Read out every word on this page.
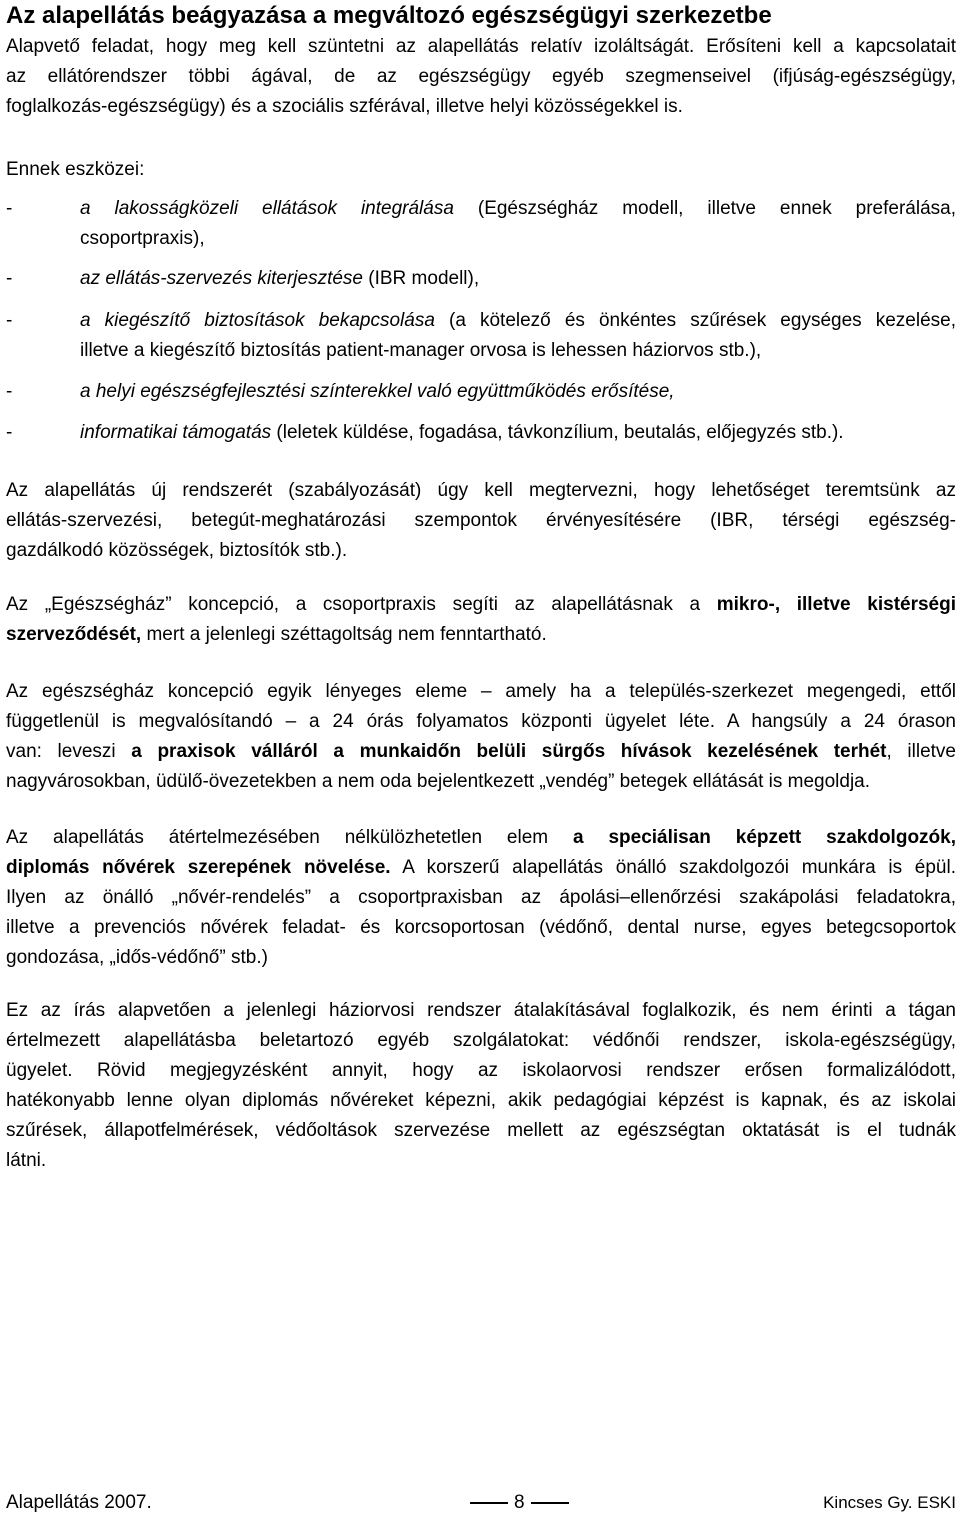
Az alapellátás beágyazása a megváltozó egészségügyi szerkezetbe
Alapvető feladat, hogy meg kell szüntetni az alapellátás relatív izoláltságát. Erősíteni kell a kapcsolatait
az ellátórendszer többi ágával, de az egészségügy egyéb szegmenseivel (ifjúság-egészségügy,
foglalkozás-egészségügy) és a szociális szférával, illetve helyi közösségekkel is.
Ennek eszközei:
-	a lakosságközeli ellátások integrálása (Egészségház modell, illetve ennek preferálása,
csoportpraxis),
-	az ellátás-szervezés kiterjesztése (IBR modell),
-	a kiegészítő biztosítások bekapcsolása (a kötelező és önkéntes szűrések egységes kezelése,
illetve a kiegészítő biztosítás patient-manager orvosa is lehessen háziorvos stb.),
-	a helyi egészségfejlesztési színterekkel való együttműködés erősítése,
-	informatikai támogatás (leletek küldése, fogadása, távkonzílium, beutalás, előjegyzés stb.).
Az alapellátás új rendszerét (szabályozását) úgy kell megtervezni, hogy lehetőséget teremtsünk az
ellátás-szervezési, betegút-meghatározási szempontok érvényesítésére (IBR, térségi egészség-
gazdálkodó közösségek, biztosítók stb.).
Az „Egészségház” koncepció, a csoportpraxis segíti az alapellátásnak a mikro-, illetve kistérségi
szerveződését, mert a jelenlegi széttagoltság nem fenntartható.
Az egészségház koncepció egyik lényeges eleme – amely ha a település-szerkezet megengedi, ettől
függetlenül is megvalósítandó – a 24 órás folyamatos központi ügyelet léte. A hangsúly a 24 órason
van: leveszi a praxisok válláról a munkaidőn belüli sürgős hívások kezelésének terhét, illetve
nagyvárosokban, üdülő-övezetekben a nem oda bejelentkezett „vendég” betegek ellátását is megoldja.
Az alapellátás átértelmezésében nélkülözhetetlen elem a speciálisan képzett szakdolgozók,
diplomás nővérek szerepének növelése. A korszerű alapellátás önálló szakdolgozói munkára is épül.
Ilyen az önálló „nővér-rendelés” a csoportpraxisban az ápolási–ellenőrzési szakápolási feladatokra,
illetve a prevenciós nővérek feladat- és korcsoportosan (védőnő, dental nurse, egyes betegcsoportok
gondozása, „idős-védőnő” stb.)
Ez az írás alapvetően a jelenlegi háziorvosi rendszer átalakításával foglalkozik, és nem érinti a tágan
értelmezett alapellátásba beletartozó egyéb szolgálatokat: védőnői rendszer, iskola-egészségügy,
ügyelet. Rövid megjegyzésként annyit, hogy az iskolaorvosi rendszer erősen formalizálódott,
hatékonyabb lenne olyan diplomás nővéreket képezni, akik pedagógiai képzést is kapnak, és az iskolai
szűrések, állapotfelmérések, védőoltások szervezése mellett az egészségtan oktatását is el tudnák
látni.
Alapellátás 2007.	8	Kincses Gy. ESKI
